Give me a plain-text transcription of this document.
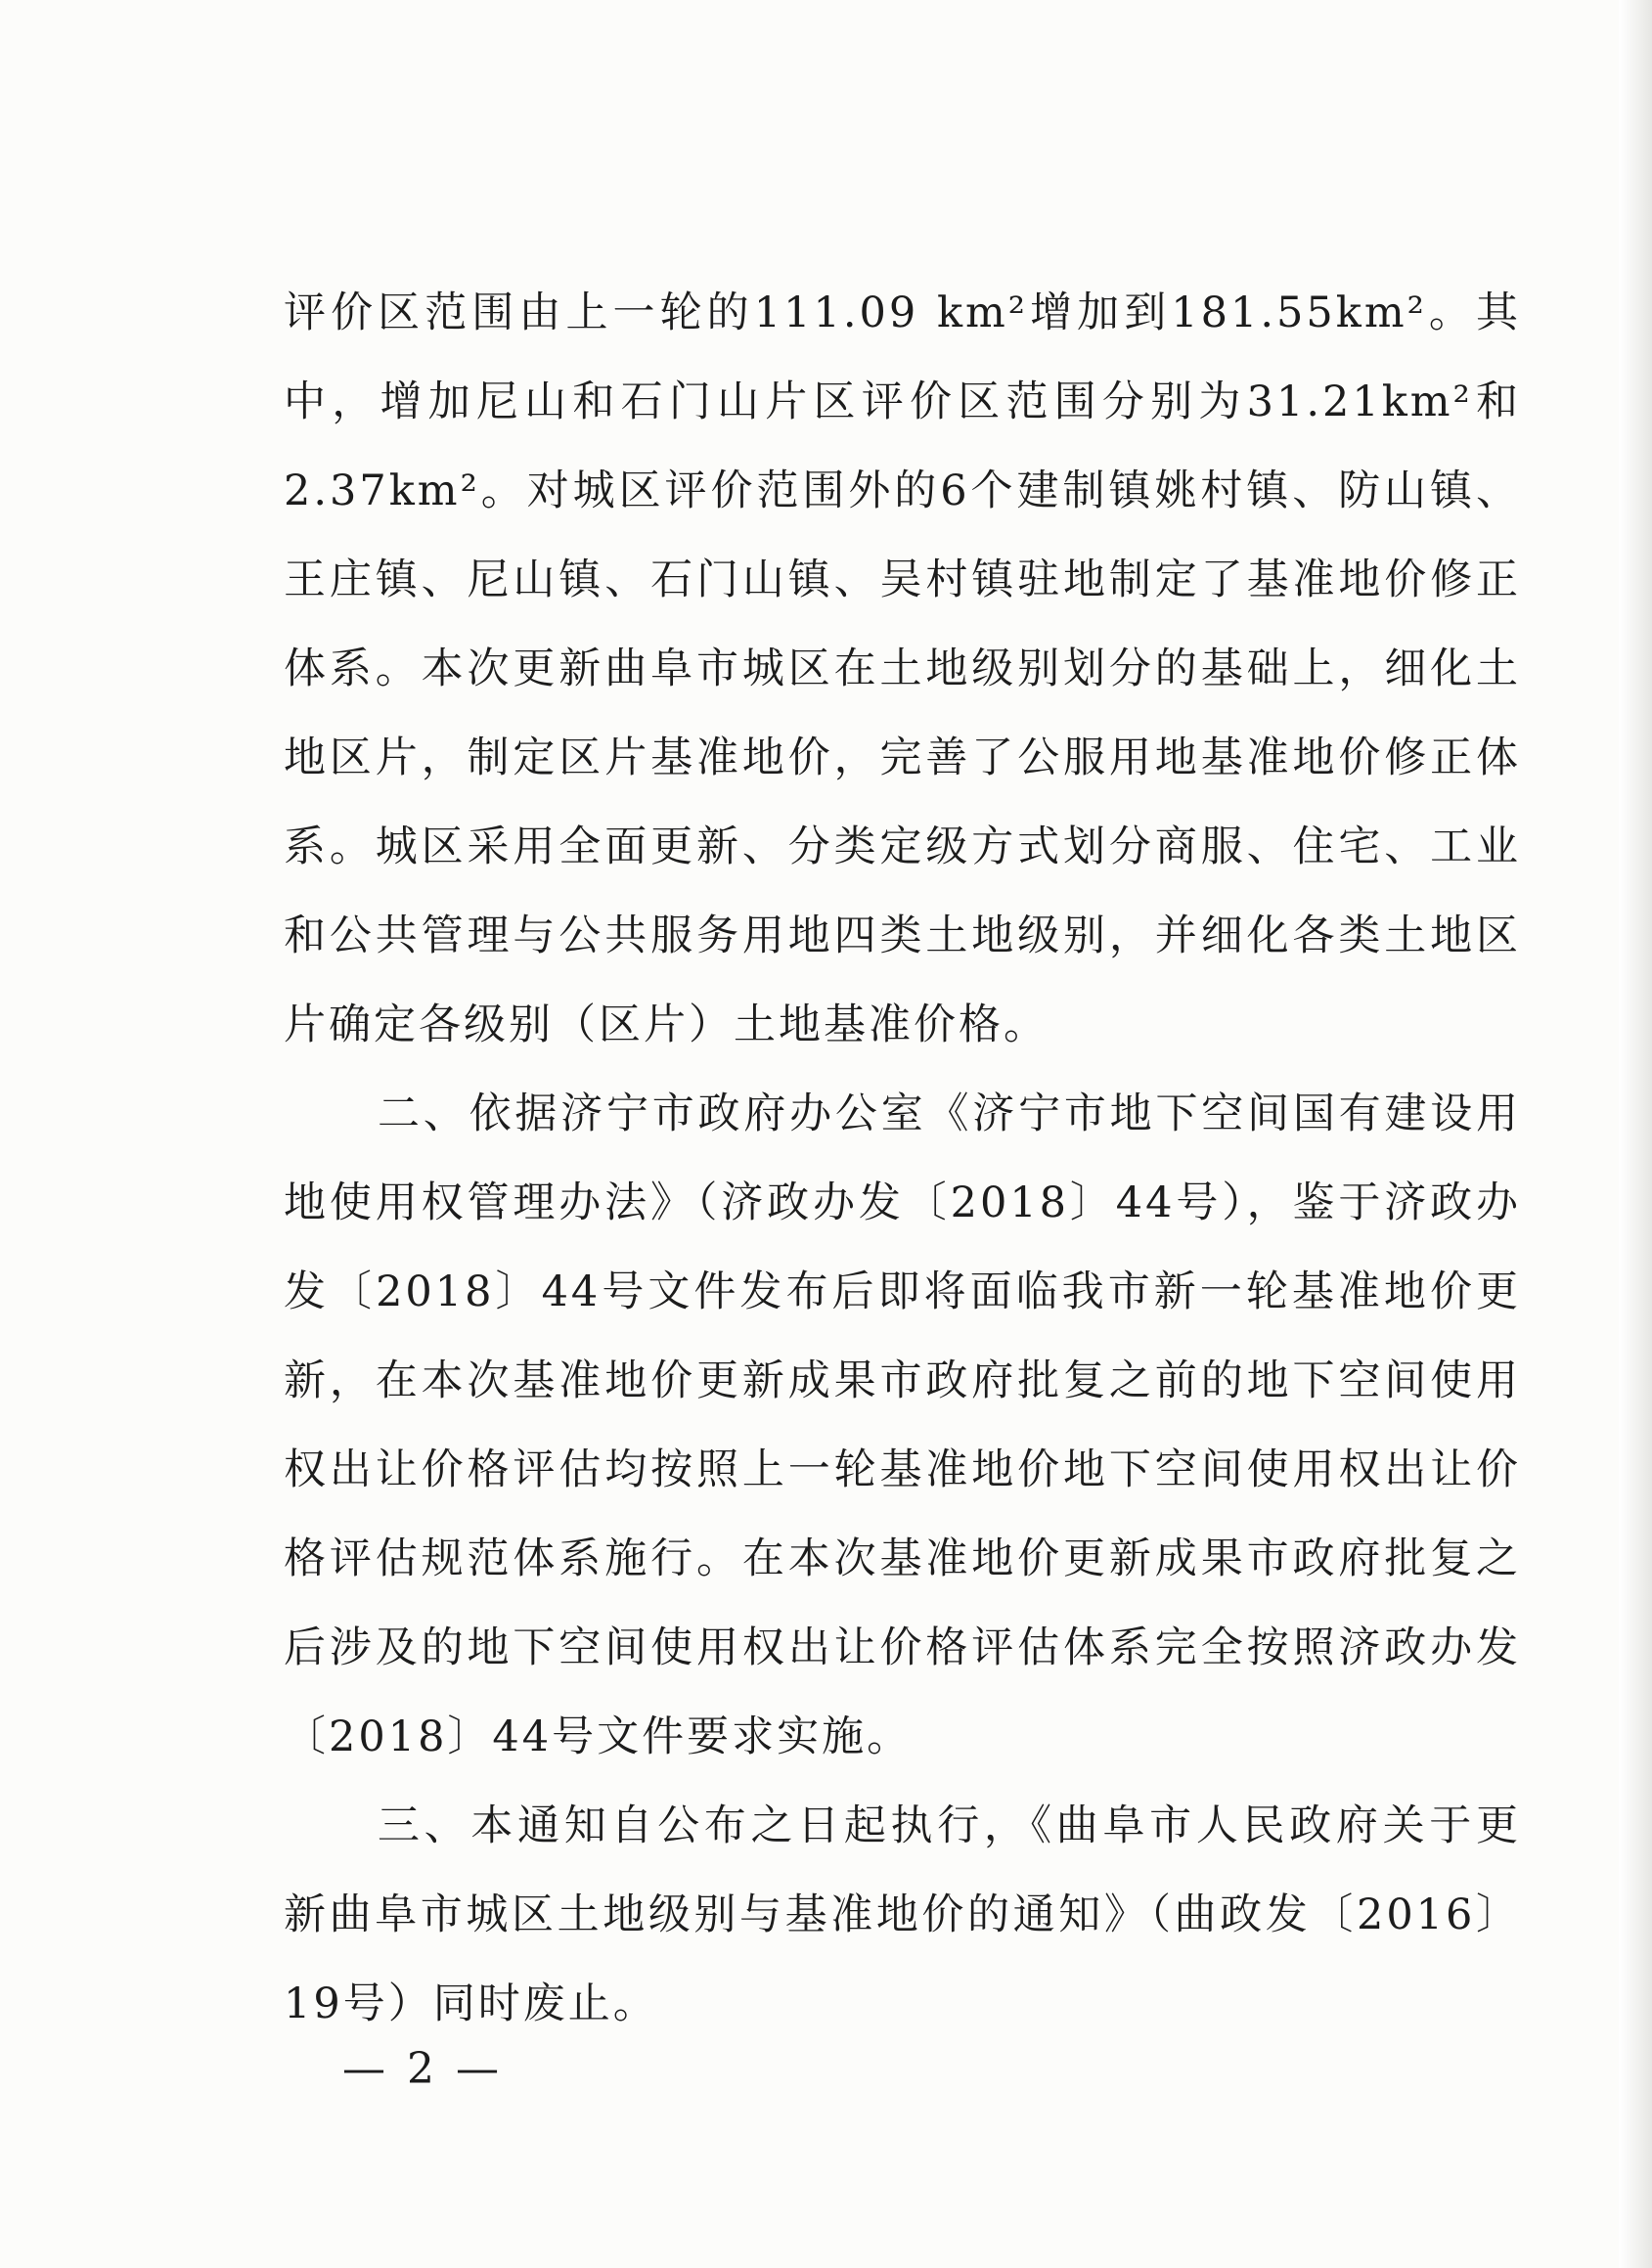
评价区范围由上一轮的111.09 km²增加到181.55km²。其中，增加尼山和石门山片区评价区范围分别为31.21km²和2.37km²。对城区评价范围外的6个建制镇姚村镇、防山镇、王庄镇、尼山镇、石门山镇、吴村镇驻地制定了基准地价修正体系。本次更新曲阜市城区在土地级别划分的基础上，细化土地区片，制定区片基准地价，完善了公服用地基准地价修正体系。城区采用全面更新、分类定级方式划分商服、住宅、工业和公共管理与公共服务用地四类土地级别，并细化各类土地区片确定各级别（区片）土地基准价格。

二、依据济宁市政府办公室《济宁市地下空间国有建设用地使用权管理办法》（济政办发〔2018〕44号），鉴于济政办发〔2018〕44号文件发布后即将面临我市新一轮基准地价更新，在本次基准地价更新成果市政府批复之前的地下空间使用权出让价格评估均按照上一轮基准地价地下空间使用权出让价格评估规范体系施行。在本次基准地价更新成果市政府批复之后涉及的地下空间使用权出让价格评估体系完全按照济政办发〔2018〕44号文件要求实施。

三、本通知自公布之日起执行，《曲阜市人民政府关于更新曲阜市城区土地级别与基准地价的通知》（曲政发〔2016〕19号）同时废止。

— 2 —
